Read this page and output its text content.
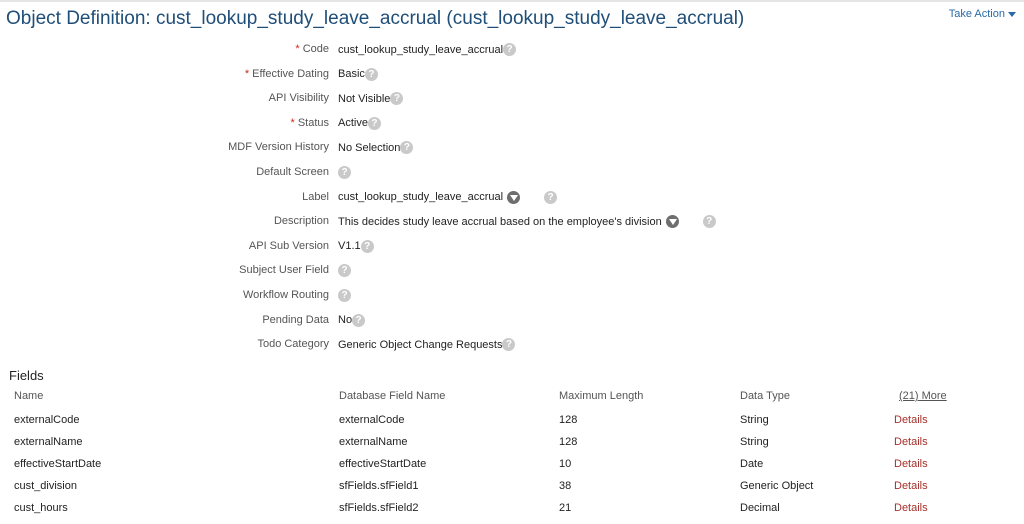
Object Definition: cust_lookup_study_leave_accrual (cust_lookup_study_leave_accrual)	Take Action
* Code cust_lookup_study_leave_accrual ?
* Effective Dating Basic ?
API Visibility Not Visible ?
* Status Active ?
MDF Version History No Selection ?
Default Screen	?
Label cust_lookup_study_leave_accrual	?
Description This decides study leave accrual based on the employee's division	?
API Sub Version V1.1 ?
Subject User Field	?
Workflow Routing	?
Pending Data No ?
Todo Category Generic Object Change Requests ?
Fields
Name	Database Field Name	Maximum Length	Data Type	(21) More
externalCode	externalCode	128	String	Details
externalName	externalName	128	String	Details
effectiveStartDate	effectiveStartDate	10	Date	Details
cust_division	sfFields.sfField1	38	Generic Object	Details
cust_hours	sfFields.sfField2	21	Decimal	Details
